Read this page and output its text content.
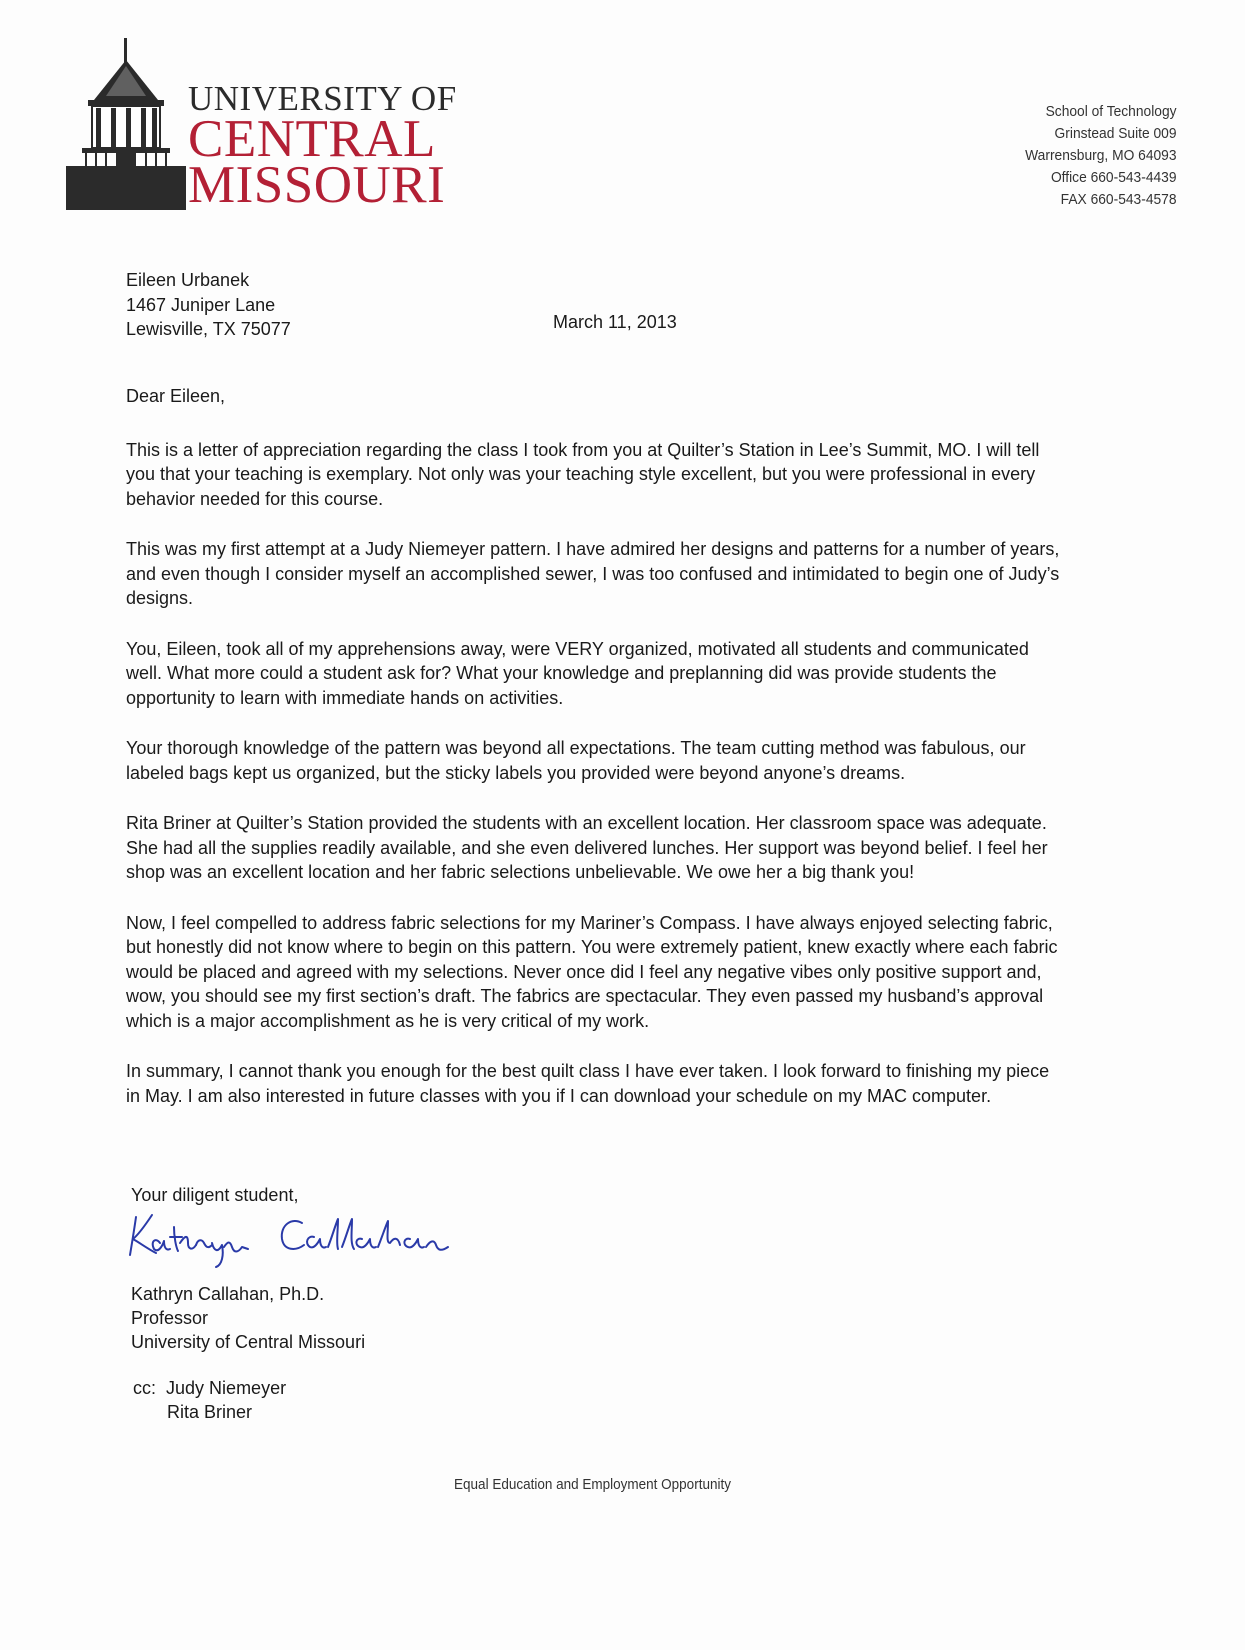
UNIVERSITY OF
CENTRAL
MISSOURI
School of Technology
Grinstead Suite 009
Warrensburg, MO 64093
Office 660-543-4439
FAX 660-543-4578
Eileen Urbanek
1467 Juniper Lane
Lewisville, TX 75077	March 11, 2013

Dear Eileen,

This is a letter of appreciation regarding the class I took from you at Quilter’s Station in Lee’s Summit, MO. I will tell you that your teaching is exemplary. Not only was your teaching style excellent, but you were professional in every behavior needed for this course.

This was my first attempt at a Judy Niemeyer pattern. I have admired her designs and patterns for a number of years, and even though I consider myself an accomplished sewer, I was too confused and intimidated to begin one of Judy’s designs.

You, Eileen, took all of my apprehensions away, were VERY organized, motivated all students and communicated well. What more could a student ask for? What your knowledge and preplanning did was provide students the opportunity to learn with immediate hands on activities.

Your thorough knowledge of the pattern was beyond all expectations. The team cutting method was fabulous, our labeled bags kept us organized, but the sticky labels you provided were beyond anyone’s dreams.

Rita Briner at Quilter’s Station provided the students with an excellent location. Her classroom space was adequate. She had all the supplies readily available, and she even delivered lunches. Her support was beyond belief. I feel her shop was an excellent location and her fabric selections unbelievable. We owe her a big thank you!

Now, I feel compelled to address fabric selections for my Mariner’s Compass. I have always enjoyed selecting fabric, but honestly did not know where to begin on this pattern. You were extremely patient, knew exactly where each fabric would be placed and agreed with my selections. Never once did I feel any negative vibes only positive support and, wow, you should see my first section’s draft. The fabrics are spectacular. They even passed my husband’s approval which is a major accomplishment as he is very critical of my work.

In summary, I cannot thank you enough for the best quilt class I have ever taken. I look forward to finishing my piece in May. I am also interested in future classes with you if I can download your schedule on my MAC computer.

Your diligent student,
Kathryn Callahan, Ph.D.
Professor
University of Central Missouri
cc: Judy Niemeyer
Rita Briner
Equal Education and Employment Opportunity
